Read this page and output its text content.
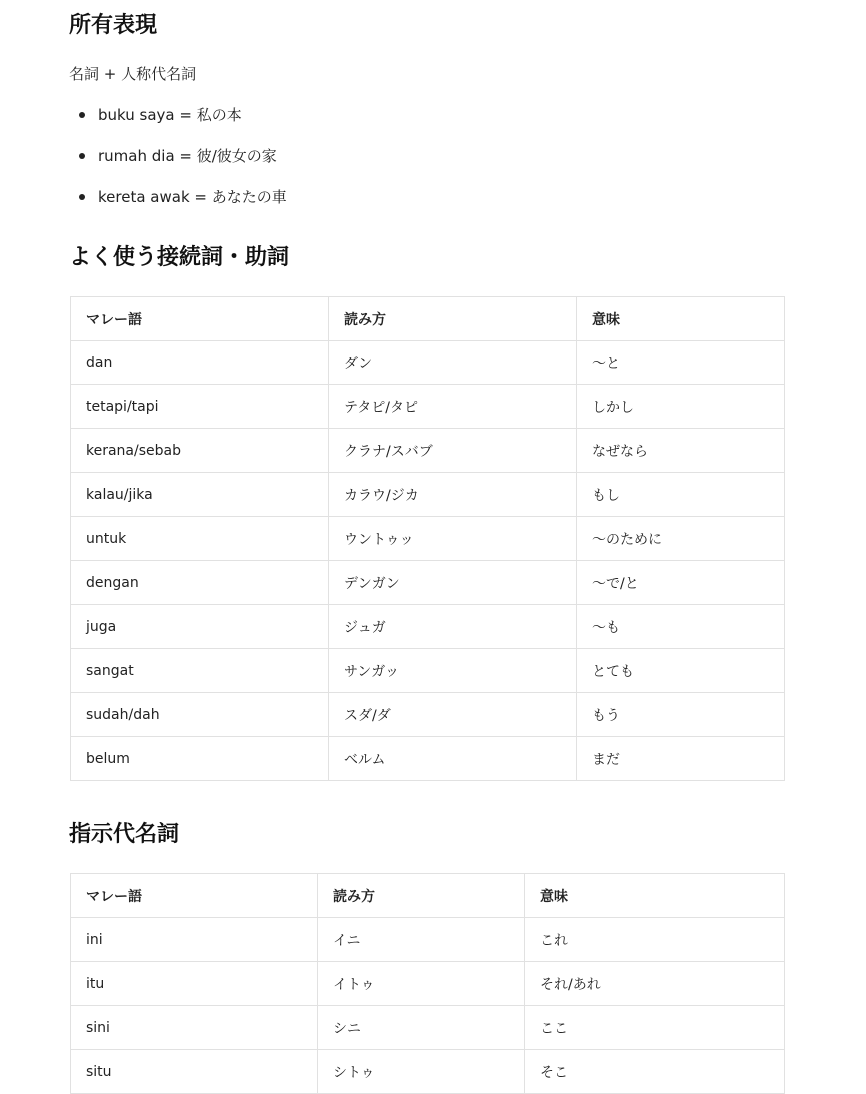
所有表現

名詞 + 人称代名詞

buku saya = 私の本
rumah dia = 彼/彼女の家
kereta awak = あなたの車
よく使う接続詞・助詞
マレー語	読み方	意味
dan	ダン	〜と
tetapi/tapi	テタピ/タピ	しかし
kerana/sebab	クラナ/スバブ	なぜなら
kalau/jika	カラウ/ジカ	もし
untuk	ウントゥッ	〜のために
dengan	デンガン	〜で/と
juga	ジュガ	〜も
sangat	サンガッ	とても
sudah/dah	スダ/ダ	もう
belum	ベルム	まだ
指示代名詞
マレー語	読み方	意味
ini	イニ	これ
itu	イトゥ	それ/あれ
sini	シニ	ここ
situ	シトゥ	そこ
